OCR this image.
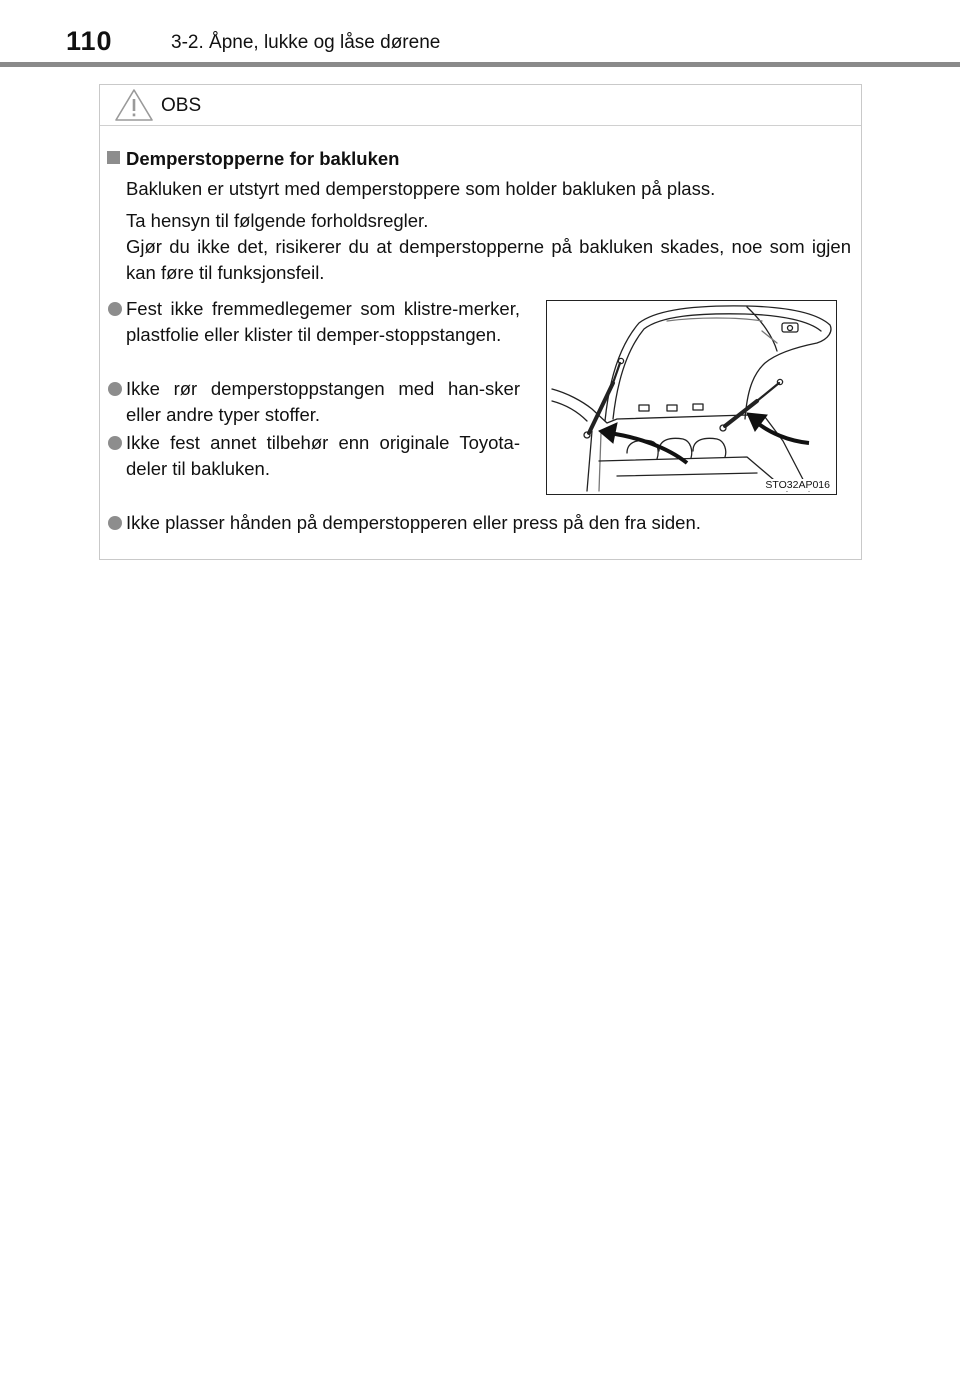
110	3-2. Åpne, lukke og låse dørene
OBS
Demperstopperne for bakluken
Bakluken er utstyrt med demperstoppere som holder bakluken på plass.
Ta hensyn til følgende forholdsregler.
Gjør du ikke det, risikerer du at demperstopperne på bakluken skades, noe som igjen kan føre til funksjonsfeil.
Fest ikke fremmedlegemer som klistre-merker, plastfolie eller klister til demper-stoppstangen.
Ikke rør demperstoppstangen med han-sker eller andre typer stoffer.
Ikke fest annet tilbehør enn originale Toyota-deler til bakluken.
Ikke plasser hånden på demperstopperen eller press på den fra siden.
STO32AP016
